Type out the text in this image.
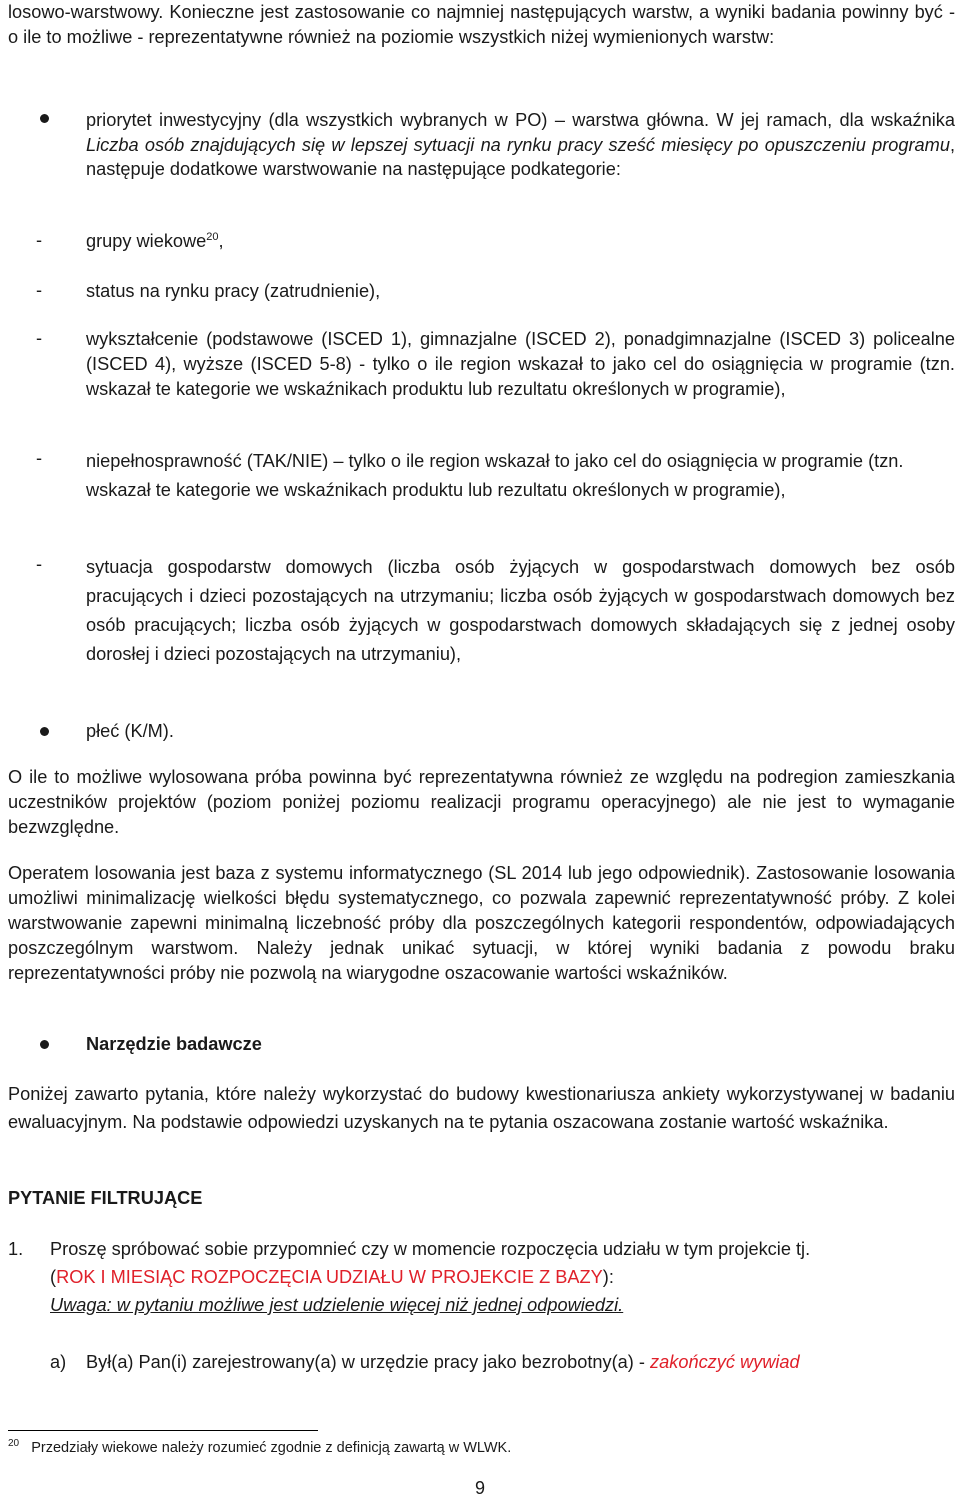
losowo-warstwowy. Konieczne jest zastosowanie co najmniej następujących warstw, a wyniki badania powinny być - o ile to możliwe - reprezentatywne również na poziomie wszystkich niżej wymienionych warstw:
priorytet inwestycyjny (dla wszystkich wybranych w PO) – warstwa główna. W jej ramach, dla wskaźnika Liczba osób znajdujących się w lepszej sytuacji na rynku pracy sześć miesięcy po opuszczeniu programu, następuje dodatkowe warstwowanie na następujące podkategorie:
- grupy wiekowe$^{20}$,
- status na rynku pracy (zatrudnienie),
- wykształcenie (podstawowe (ISCED 1), gimnazjalne (ISCED 2), ponadgimnazjalne (ISCED 3) policealne (ISCED 4), wyższe (ISCED 5-8) - tylko o ile region wskazał to jako cel do osiągnięcia w programie (tzn. wskazał te kategorie we wskaźnikach produktu lub rezultatu określonych w programie),
- niepełnosprawność (TAK/NIE) – tylko o ile region wskazał to jako cel do osiągnięcia w programie (tzn. wskazał te kategorie we wskaźnikach produktu lub rezultatu określonych w programie),
- sytuacja gospodarstw domowych (liczba osób żyjących w gospodarstwach domowych bez osób pracujących i dzieci pozostających na utrzymaniu; liczba osób żyjących w gospodarstwach domowych bez osób pracujących; liczba osób żyjących w gospodarstwach domowych składających się z jednej osoby dorosłej i dzieci pozostających na utrzymaniu),
płeć (K/M).
O ile to możliwe wylosowana próba powinna być reprezentatywna również ze względu na podregion zamieszkania uczestników projektów (poziom poniżej poziomu realizacji programu operacyjnego) ale nie jest to wymaganie bezwzględne.
Operatem losowania jest baza z systemu informatycznego (SL 2014 lub jego odpowiednik). Zastosowanie losowania umożliwi minimalizację wielkości błędu systematycznego, co pozwala zapewnić reprezentatywność próby. Z kolei warstwowanie zapewni minimalną liczebność próby dla poszczególnych kategorii respondentów, odpowiadających poszczególnym warstwom. Należy jednak unikać sytuacji, w której wyniki badania z powodu braku reprezentatywności próby nie pozwolą na wiarygodne oszacowanie wartości wskaźników.
Narzędzie badawcze
Poniżej zawarto pytania, które należy wykorzystać do budowy kwestionariusza ankiety wykorzystywanej w badaniu ewaluacyjnym. Na podstawie odpowiedzi uzyskanych na te pytania oszacowana zostanie wartość wskaźnika.
PYTANIE FILTRUJĄCE
1. Proszę spróbować sobie przypomnieć czy w momencie rozpoczęcia udziału w tym projekcie tj.
(ROK I MIESIĄC ROZPOCZĘCIA UDZIAŁU W PROJEKCIE Z BAZY):
Uwaga: w pytaniu możliwe jest udzielenie więcej niż jednej odpowiedzi.
a) Był(a) Pan(i) zarejestrowany(a) w urzędzie pracy jako bezrobotny(a) - zakończyć wywiad
$^{20}$ Przedziały wiekowe należy rozumieć zgodnie z definicją zawartą w WLWK.
9
